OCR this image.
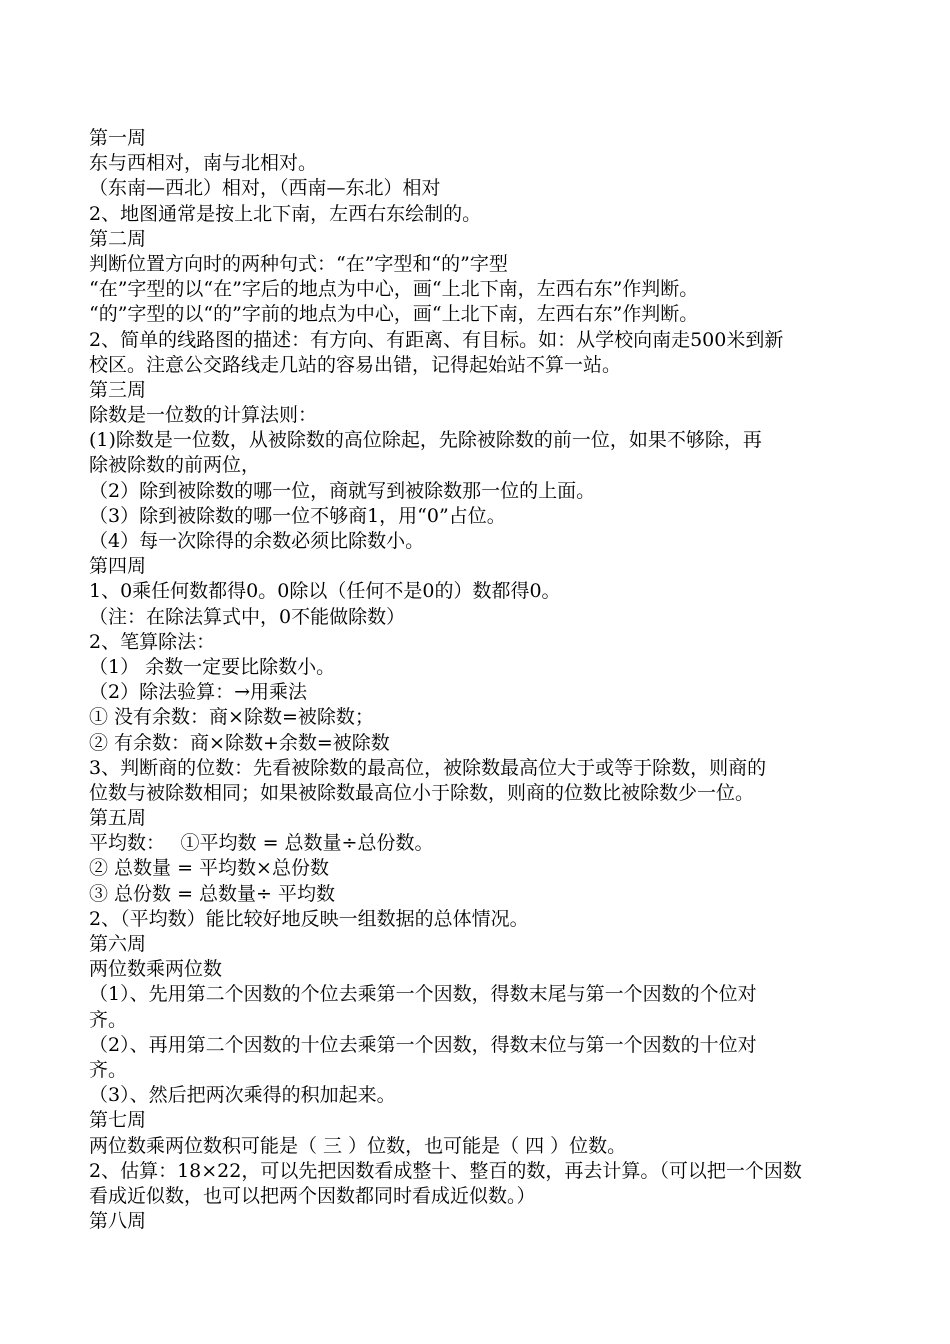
第一周
东与西相对，南与北相对。
（东南—西北）相对，（西南—东北）相对
2、地图通常是按上北下南，左西右东绘制的。
第二周
判断位置方向时的两种句式：“在”字型和“的”字型
“在”字型的以“在”字后的地点为中心，画“上北下南，左西右东”作判断。
“的”字型的以“的”字前的地点为中心，画“上北下南，左西右东”作判断。
2、简单的线路图的描述：有方向、有距离、有目标。如：从学校向南走500米到新
校区。注意公交路线走几站的容易出错，记得起始站不算一站。
第三周
除数是一位数的计算法则：
(1)除数是一位数，从被除数的高位除起，先除被除数的前一位，如果不够除，再
除被除数的前两位，
（2）除到被除数的哪一位，商就写到被除数那一位的上面。
（3）除到被除数的哪一位不够商1，用“0”占位。
（4）每一次除得的余数必须比除数小。
第四周
1、0乘任何数都得0。0除以（任何不是0的）数都得0。
（注：在除法算式中，0不能做除数）
2、笔算除法：
（1） 余数一定要比除数小。
（2）除法验算：→用乘法
① 没有余数：商×除数=被除数；
② 有余数：商×除数+余数=被除数
3、判断商的位数：先看被除数的最高位，被除数最高位大于或等于除数，则商的
位数与被除数相同；如果被除数最高位小于除数，则商的位数比被除数少一位。
第五周
平均数：　 ①平均数 = 总数量÷总份数。
② 总数量 = 平均数×总份数
③ 总份数 = 总数量÷ 平均数
2、（平均数）能比较好地反映一组数据的总体情况。
第六周
两位数乘两位数
（1）、先用第二个因数的个位去乘第一个因数，得数末尾与第一个因数的个位对
齐。
（2）、再用第二个因数的十位去乘第一个因数，得数末位与第一个因数的十位对
齐。
（3）、然后把两次乘得的积加起来。
第七周
两位数乘两位数积可能是（ 三 ）位数，也可能是（ 四 ）位数。
2、估算：18×22，可以先把因数看成整十、整百的数，再去计算。（可以把一个因数
看成近似数，也可以把两个因数都同时看成近似数。）
第八周
